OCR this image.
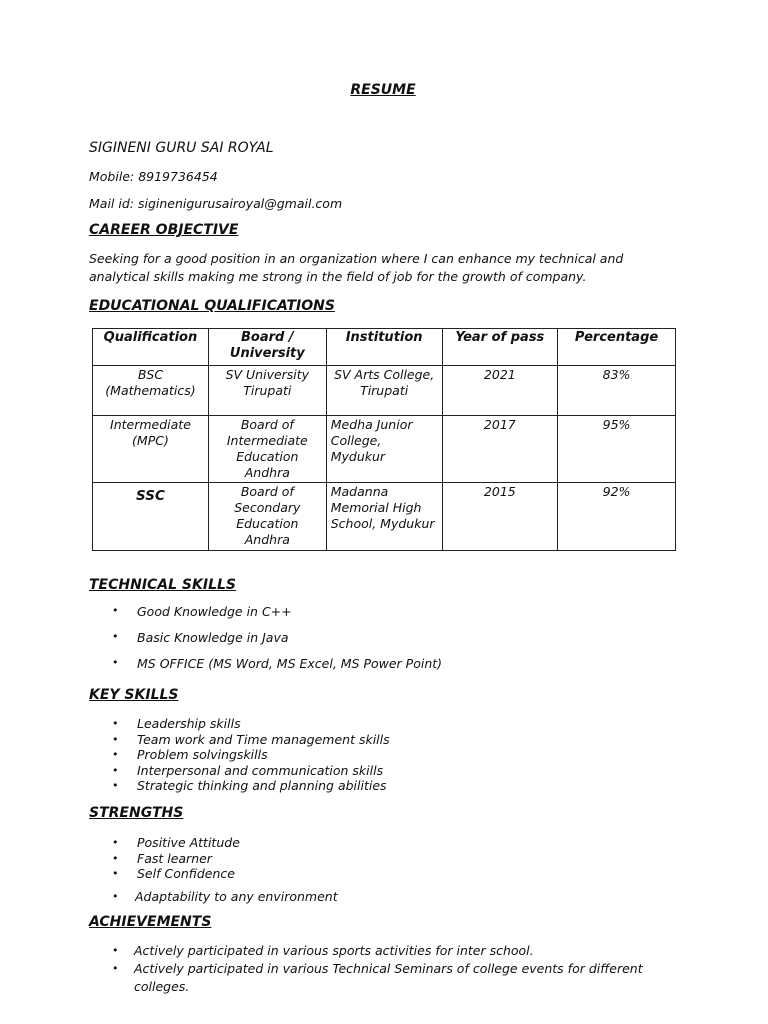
RESUME
SIGINENI GURU SAI ROYAL
Mobile: 8919736454
Mail id: siginenigurusairoyal@gmail.com
CAREER OBJECTIVE
Seeking for a good position in an organization where I can enhance my technical and analytical skills making me strong in the field of job for the growth of company.
EDUCATIONAL QUALIFICATIONS
Qualification	Board / University	Institution	Year of pass	Percentage
BSC (Mathematics)	SV University Tirupati	SV Arts College, Tirupati	2021	83%
Intermediate (MPC)	Board of Intermediate Education Andhra	Medha Junior College, Mydukur	2017	95%

SSC	Board of Secondary Education Andhra	Madanna Memorial High School, Mydukur	2015	92%
TECHNICAL SKILLS
• Good Knowledge in C++
• Basic Knowledge in Java
• MS OFFICE (MS Word, MS Excel, MS Power Point)
KEY SKILLS
• Leadership skills
• Team work and Time management skills
• Problem solvingskills
• Interpersonal and communication skills
• Strategic thinking and planning abilities
STRENGTHS
• Positive Attitude
• Fast learner
• Self Confidence
• Adaptability to any environment
ACHIEVEMENTS
• Actively participated in various sports activities for inter school.
• Actively participated in various Technical Seminars of college events for different colleges.
